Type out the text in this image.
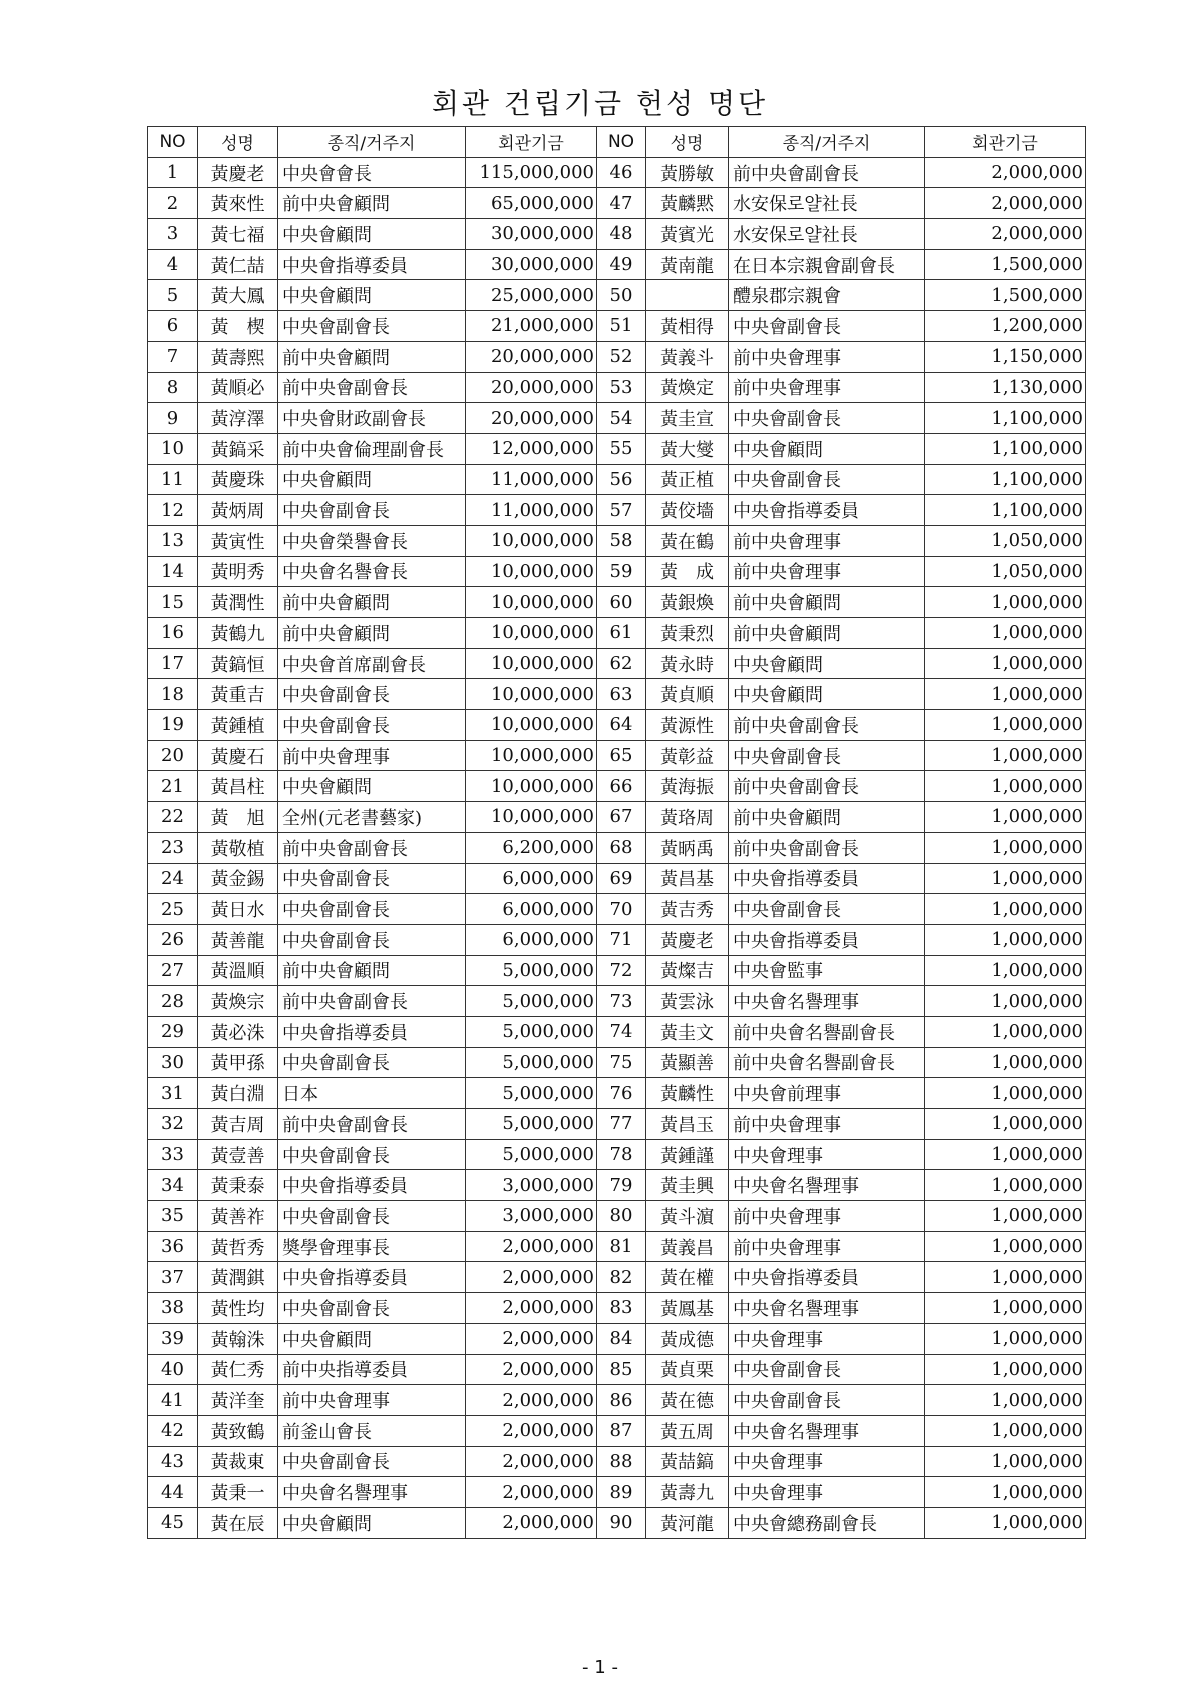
회관 건립기금 헌성 명단
NO	성명	종직/거주지	회관기금	NO	성명	종직/거주지	회관기금
1	黃慶老	中央會會長	115,000,000	46	黃勝敏	前中央會副會長	2,000,000
2	黃來性	前中央會顧問	65,000,000	47	黃麟黙	水安保로얄社長	2,000,000
3	黃七福	中央會顧問	30,000,000	48	黃賓光	水安保로얄社長	2,000,000
4	黃仁喆	中央會指導委員	30,000,000	49	黃南龍	在日本宗親會副會長	1,500,000
5	黃大鳳	中央會顧問	25,000,000	50		醴泉郡宗親會	1,500,000
6	黃　楔	中央會副會長	21,000,000	51	黃相得	中央會副會長	1,200,000
7	黃壽熙	前中央會顧問	20,000,000	52	黃義斗	前中央會理事	1,150,000
8	黃順必	前中央會副會長	20,000,000	53	黃煥定	前中央會理事	1,130,000
9	黃淳澤	中央會財政副會長	20,000,000	54	黃圭宣	中央會副會長	1,100,000
10	黃鎬采	前中央會倫理副會長	12,000,000	55	黃大燮	中央會顧問	1,100,000
11	黃慶珠	中央會顧問	11,000,000	56	黃正植	中央會副會長	1,100,000
12	黃炳周	中央會副會長	11,000,000	57	黃佼墻	中央會指導委員	1,100,000
13	黃寅性	中央會榮譽會長	10,000,000	58	黃在鶴	前中央會理事	1,050,000
14	黃明秀	中央會名譽會長	10,000,000	59	黃　成	前中央會理事	1,050,000
15	黃潤性	前中央會顧問	10,000,000	60	黃銀煥	前中央會顧問	1,000,000
16	黃鶴九	前中央會顧問	10,000,000	61	黃秉烈	前中央會顧問	1,000,000
17	黃鎬恒	中央會首席副會長	10,000,000	62	黃永時	中央會顧問	1,000,000
18	黃重吉	中央會副會長	10,000,000	63	黃貞順	中央會顧問	1,000,000
19	黃鍾植	中央會副會長	10,000,000	64	黃源性	前中央會副會長	1,000,000
20	黃慶石	前中央會理事	10,000,000	65	黃彰益	中央會副會長	1,000,000
21	黃昌柱	中央會顧問	10,000,000	66	黃海振	前中央會副會長	1,000,000
22	黃　旭	全州(元老書藝家)	10,000,000	67	黃珞周	前中央會顧問	1,000,000
23	黃敬植	前中央會副會長	6,200,000	68	黃昞禹	前中央會副會長	1,000,000
24	黃金錫	中央會副會長	6,000,000	69	黃昌基	中央會指導委員	1,000,000
25	黃日水	中央會副會長	6,000,000	70	黃吉秀	中央會副會長	1,000,000
26	黃善龍	中央會副會長	6,000,000	71	黃慶老	中央會指導委員	1,000,000
27	黃溫順	前中央會顧問	5,000,000	72	黃燦吉	中央會監事	1,000,000
28	黃煥宗	前中央會副會長	5,000,000	73	黃雲泳	中央會名譽理事	1,000,000
29	黃必洙	中央會指導委員	5,000,000	74	黃圭文	前中央會名譽副會長	1,000,000
30	黃甲孫	中央會副會長	5,000,000	75	黃顯善	前中央會名譽副會長	1,000,000
31	黃白淵	日本	5,000,000	76	黃麟性	中央會前理事	1,000,000
32	黃吉周	前中央會副會長	5,000,000	77	黃昌玉	前中央會理事	1,000,000
33	黃壹善	中央會副會長	5,000,000	78	黃鍾謹	中央會理事	1,000,000
34	黃秉泰	中央會指導委員	3,000,000	79	黃圭興	中央會名譽理事	1,000,000
35	黃善祚	中央會副會長	3,000,000	80	黃斗濵	前中央會理事	1,000,000
36	黃哲秀	奬學會理事長	2,000,000	81	黃義昌	前中央會理事	1,000,000
37	黃潤錤	中央會指導委員	2,000,000	82	黃在權	中央會指導委員	1,000,000
38	黃性均	中央會副會長	2,000,000	83	黃鳳基	中央會名譽理事	1,000,000
39	黃翰洙	中央會顧問	2,000,000	84	黃成德	中央會理事	1,000,000
40	黃仁秀	前中央指導委員	2,000,000	85	黃貞栗	中央會副會長	1,000,000
41	黃洋奎	前中央會理事	2,000,000	86	黃在德	中央會副會長	1,000,000
42	黃致鶴	前釜山會長	2,000,000	87	黃五周	中央會名譽理事	1,000,000
43	黃裁東	中央會副會長	2,000,000	88	黃喆鎬	中央會理事	1,000,000
44	黃秉一	中央會名譽理事	2,000,000	89	黃壽九	中央會理事	1,000,000
45	黃在辰	中央會顧問	2,000,000	90	黃河龍	中央會總務副會長	1,000,000
- 1 -
